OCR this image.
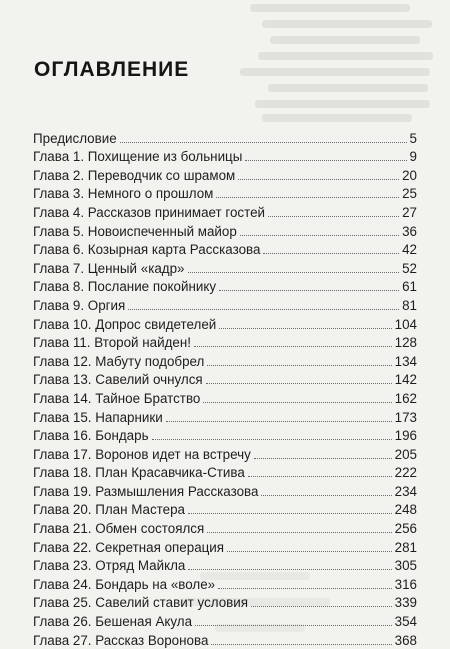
ОГЛАВЛЕНИЕ
Предисловие	5
Глава 1. Похищение из больницы	9
Глава 2. Переводчик со шрамом	20
Глава 3. Немного о прошлом	25
Глава 4. Рассказов принимает гостей	27
Глава 5. Новоиспеченный майор	36
Глава 6. Козырная карта Рассказова	42
Глава 7. Ценный «кадр»	52
Глава 8. Послание покойнику	61
Глава 9. Оргия	81
Глава 10. Допрос свидетелей	104
Глава 11. Второй найден!	128
Глава 12. Мабуту подобрел	134
Глава 13. Савелий очнулся	142
Глава 14. Тайное Братство	162
Глава 15. Напарники	173
Глава 16. Бондарь	196
Глава 17. Воронов идет на встречу	205
Глава 18. План Красавчика-Стива	222
Глава 19. Размышления Рассказова	234
Глава 20. План Мастера	248
Глава 21. Обмен состоялся	256
Глава 22. Секретная операция	281
Глава 23. Отряд Майкла	305
Глава 24. Бондарь на «воле»	316
Глава 25. Савелий ставит условия	339
Глава 26. Бешеная Акула	354
Глава 27. Рассказ Воронова	368
